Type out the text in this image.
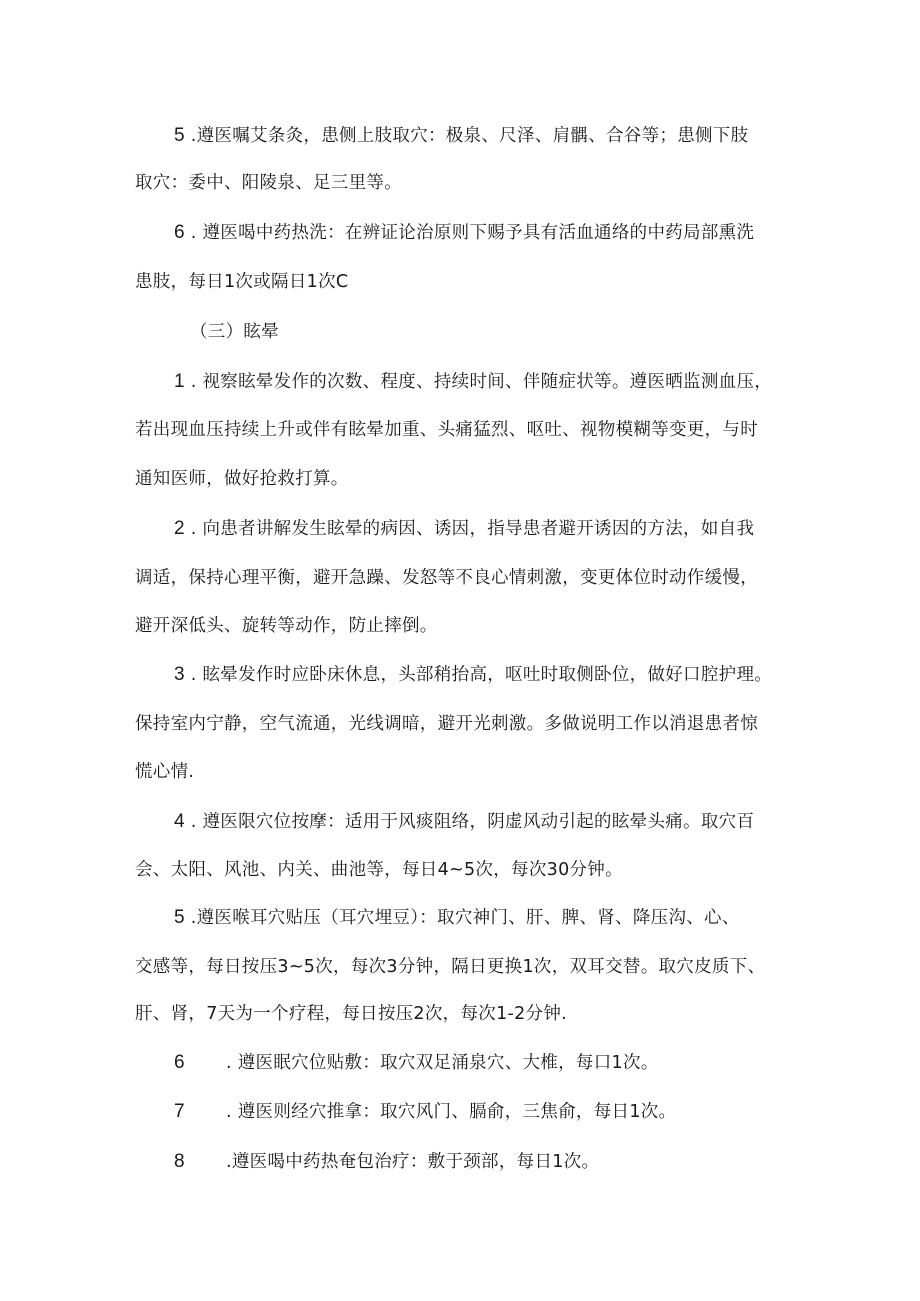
5 .遵医嘱艾条灸，患侧上肢取穴：极泉、尺泽、肩髃、合谷等；患侧下肢
取穴：委中、阳陵泉、足三里等。
6 . 遵医喝中药热洗：在辨证论治原则下赐予具有活血通络的中药局部熏洗
患肢，每日1次或隔日1次C
（三）眩晕
1 . 视察眩晕发作的次数、程度、持续时间、伴随症状等。遵医晒监测血压，
若出现血压持续上升或伴有眩晕加重、头痛猛烈、呕吐、视物模糊等变更，与时
通知医师，做好抢救打算。
2 . 向患者讲解发生眩晕的病因、诱因，指导患者避开诱因的方法，如自我
调适，保持心理平衡，避开急躁、发怒等不良心情刺激，变更体位时动作缓慢，
避开深低头、旋转等动作，防止摔倒。
3 . 眩晕发作时应卧床休息，头部稍抬高，呕吐时取侧卧位，做好口腔护理。
保持室内宁静，空气流通，光线调暗，避开光刺激。多做说明工作以消退患者惊
慌心情.
4 . 遵医限穴位按摩：适用于风痰阻络，阴虚风动引起的眩晕头痛。取穴百
会、太阳、风池、内关、曲池等，每日4~5次，每次30分钟。
5 .遵医喉耳穴贴压（耳穴埋豆）：取穴神门、肝、脾、肾、降压沟、心、
交感等，每日按压3~5次，每次3分钟，隔日更换1次，双耳交替。取穴皮质下、
肝、肾，7天为一个疗程，每日按压2次，每次1-2分钟.
6 . 遵医眠穴位贴敷：取穴双足涌泉穴、大椎，每口1次。
7 . 遵医则经穴推拿：取穴风门、膈俞，三焦俞，每日1次。
8 .遵医喝中药热奄包治疗：敷于颈部，每日1次。
